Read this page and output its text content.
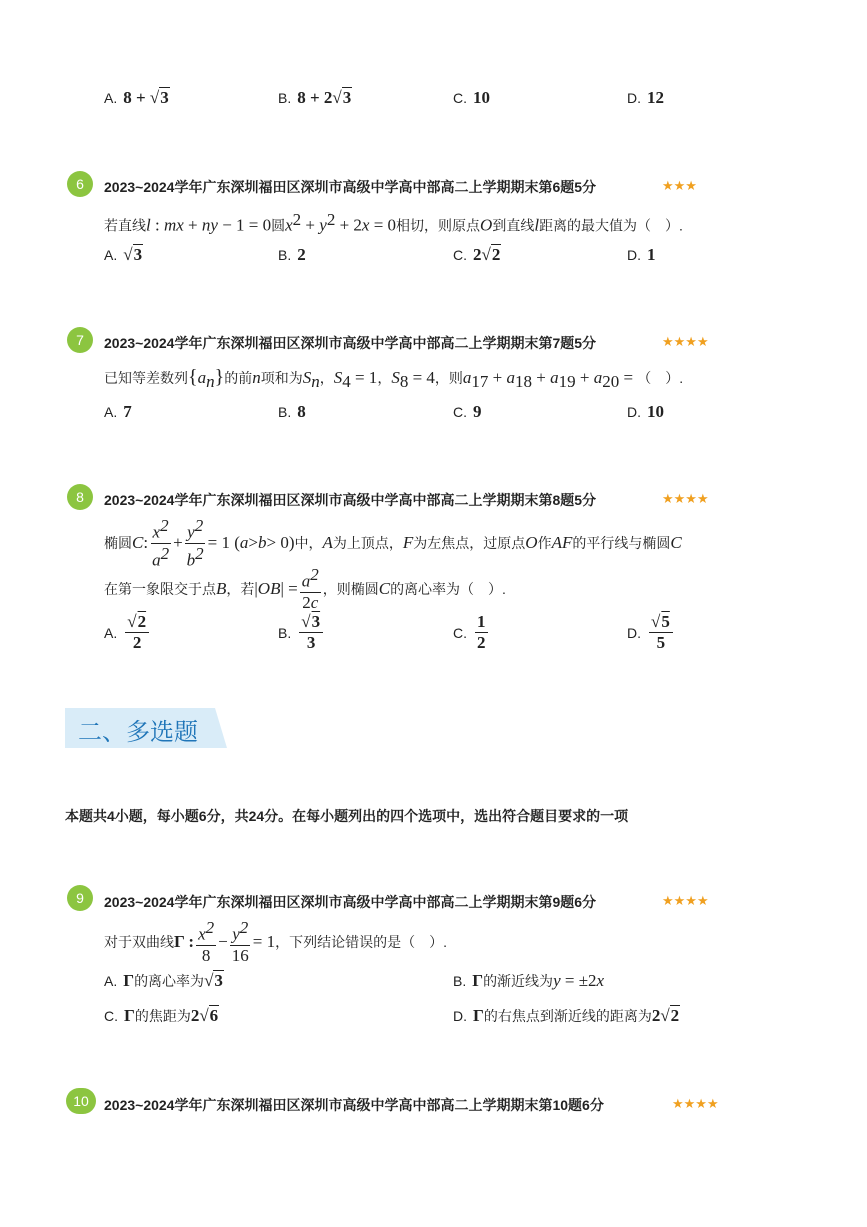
A. 8 + √3	B. 8 + 2√3	C. 10	D. 12
6	2023~2024学年广东深圳福田区深圳市高级中学高中部高二上学期期末第6题5分	★★★
若直线l : mx + ny − 1 = 0圆$x^2 + y^2 + 2x = 0$相切，则原点O到直线l距离的最大值为（　）.
A. √3	B. 2	C. 2√2	D. 1
7	2023~2024学年广东深圳福田区深圳市高级中学高中部高二上学期期末第7题5分	★★★★
已知等差数列$\{a_n\}$的前n项和为$S_n$，$S_4 = 1$，$S_8 = 4$，则$a_{17} + a_{18} + a_{19} + a_{20}$ = （　）.
A. 7	B. 8	C. 9	D. 10
8	2023~2024学年广东深圳福田区深圳市高级中学高中部高二上学期期末第8题5分	★★★★
椭圆 C : $\frac{x^2}{a^2} + \frac{y^2}{b^2} = 1$ ( a > b > 0) 中， A 为上顶点， F 为左焦点，过原点 O 作 AF 的平行线与椭圆 C
在第一象限交于点 B ，若 | OB | = $\frac{a^2}{2c}$ ，则椭圆 C 的离心率为（　）.
A. $\frac{√2}{2}$	B. $\frac{√3}{3}$	C. $\frac{1}{2}$	D. $\frac{√5}{5}$
二、多选题
本题共4小题，每小题6分，共24分。在每小题列出的四个选项中，选出符合题目要求的一项
9	2023~2024学年广东深圳福田区深圳市高级中学高中部高二上学期期末第9题6分	★★★★
对于双曲线 Γ : $\frac{x^2}{8} - \frac{y^2}{16} = 1$ ，下列结论错误的是（　）.
A. Γ的离心率为√3	B. Γ的渐近线为y = ±2x
C. Γ的焦距为2√6	D. Γ的右焦点到渐近线的距离为2√2
10	2023~2024学年广东深圳福田区深圳市高级中学高中部高二上学期期末第10题6分	★★★★
